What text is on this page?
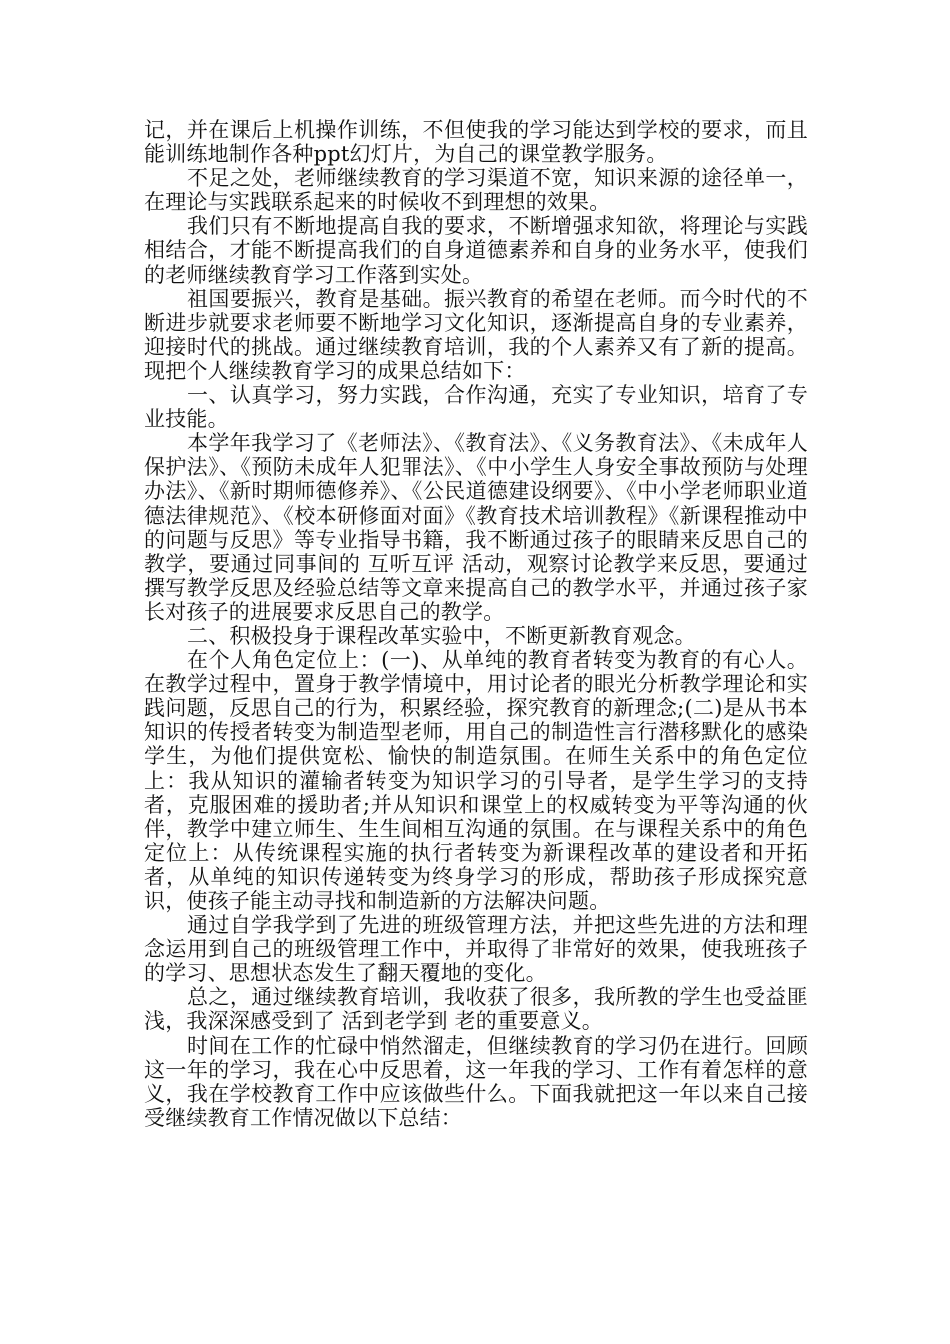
记，并在课后上机操作训练，不但使我的学习能达到学校的要求，而且能训练地制作各种ppt幻灯片，为自己的课堂教学服务。

不足之处，老师继续教育的学习渠道不宽，知识来源的途径单一，在理论与实践联系起来的时候收不到理想的效果。

我们只有不断地提高自我的要求，不断增强求知欲，将理论与实践相结合，才能不断提高我们的自身道德素养和自身的业务水平，使我们的老师继续教育学习工作落到实处。

祖国要振兴，教育是基础。振兴教育的希望在老师。而今时代的不断进步就要求老师要不断地学习文化知识，逐渐提高自身的专业素养，迎接时代的挑战。通过继续教育培训，我的个人素养又有了新的提高。现把个人继续教育学习的成果总结如下：

一、认真学习，努力实践，合作沟通，充实了专业知识，培育了专业技能。

本学年我学习了《老师法》、《教育法》、《义务教育法》、《未成年人保护法》、《预防未成年人犯罪法》、《中小学生人身安全事故预防与处理办法》、《新时期师德修养》、《公民道德建设纲要》、《中小学老师职业道德法律规范》、《校本研修面对面》《教育技术培训教程》《新课程推动中的问题与反思》等专业指导书籍，我不断通过孩子的眼睛来反思自己的教学，要通过同事间的 互听互评 活动，观察讨论教学来反思，要通过撰写教学反思及经验总结等文章来提高自己的教学水平，并通过孩子家长对孩子的进展要求反思自己的教学。

二、积极投身于课程改革实验中，不断更新教育观念。

在个人角色定位上：(一)、从单纯的教育者转变为教育的有心人。在教学过程中，置身于教学情境中，用讨论者的眼光分析教学理论和实践问题，反思自己的行为，积累经验，探究教育的新理念;(二)是从书本知识的传授者转变为制造型老师，用自己的制造性言行潜移默化的感染学生，为他们提供宽松、愉快的制造氛围。在师生关系中的角色定位上：我从知识的灌输者转变为知识学习的引导者，是学生学习的支持者，克服困难的援助者;并从知识和课堂上的权威转变为平等沟通的伙伴，教学中建立师生、生生间相互沟通的氛围。在与课程关系中的角色定位上：从传统课程实施的执行者转变为新课程改革的建设者和开拓者，从单纯的知识传递转变为终身学习的形成，帮助孩子形成探究意识，使孩子能主动寻找和制造新的方法解决问题。

通过自学我学到了先进的班级管理方法，并把这些先进的方法和理念运用到自己的班级管理工作中，并取得了非常好的效果，使我班孩子的学习、思想状态发生了翻天覆地的变化。

总之，通过继续教育培训，我收获了很多，我所教的学生也受益匪浅，我深深感受到了 活到老学到 老的重要意义。

时间在工作的忙碌中悄然溜走，但继续教育的学习仍在进行。回顾这一年的学习，我在心中反思着，这一年我的学习、工作有着怎样的意义，我在学校教育工作中应该做些什么。下面我就把这一年以来自己接受继续教育工作情况做以下总结：
